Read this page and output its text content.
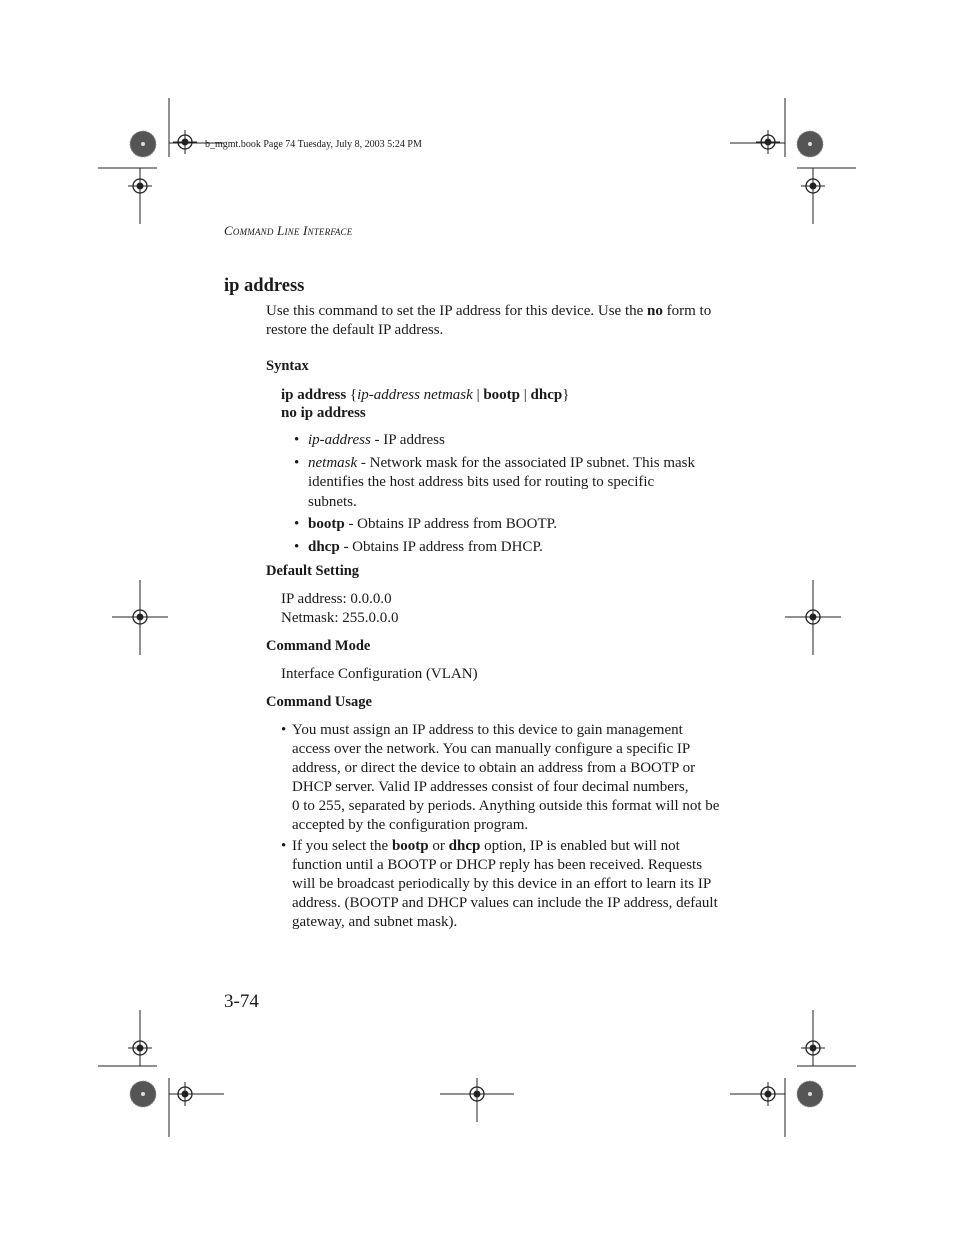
b_mgmt.book Page 74 Tuesday, July 8, 2003 5:24 PM
Command Line Interface
ip address
Use this command to set the IP address for this device. Use the no form to restore the default IP address.
Syntax
ip address {ip-address netmask | bootp | dhcp}
no ip address
• ip-address - IP address
• netmask - Network mask for the associated IP subnet. This mask identifies the host address bits used for routing to specific subnets.
• bootp - Obtains IP address from BOOTP.
• dhcp - Obtains IP address from DHCP.
Default Setting
IP address: 0.0.0.0
Netmask: 255.0.0.0
Command Mode
Interface Configuration (VLAN)
Command Usage
• You must assign an IP address to this device to gain management access over the network. You can manually configure a specific IP address, or direct the device to obtain an address from a BOOTP or DHCP server. Valid IP addresses consist of four decimal numbers,
0 to 255, separated by periods. Anything outside this format will not be accepted by the configuration program.
• If you select the bootp or dhcp option, IP is enabled but will not function until a BOOTP or DHCP reply has been received. Requests will be broadcast periodically by this device in an effort to learn its IP address. (BOOTP and DHCP values can include the IP address, default gateway, and subnet mask).
3-74
